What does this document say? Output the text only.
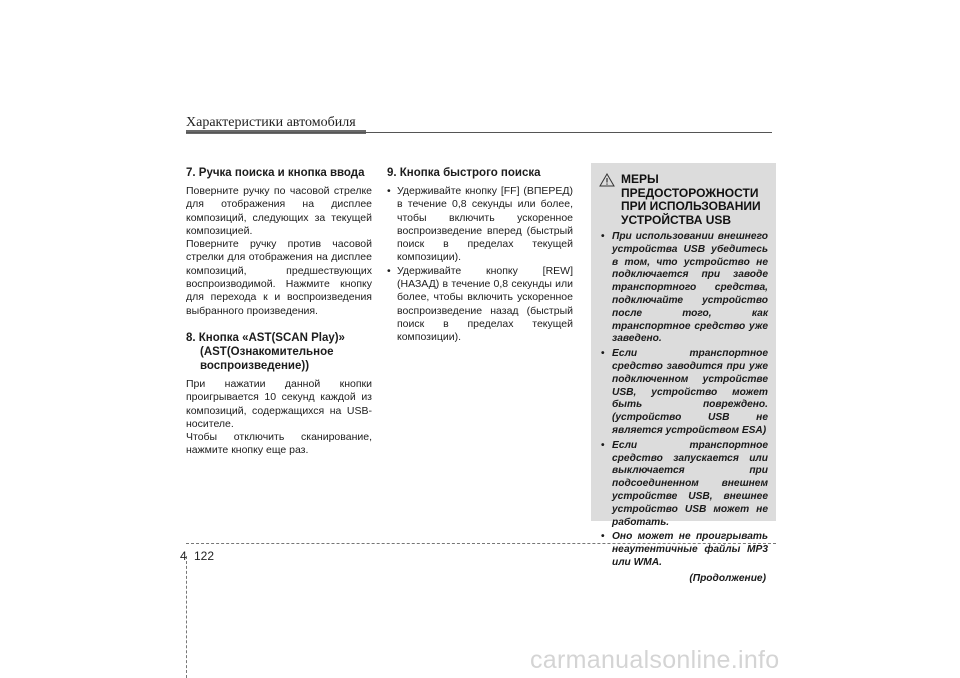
Характеристики автомобиля
7. Ручка поиска и кнопка ввода

Поверните ручку по часовой стрелке для отображения на дисплее композиций, следующих за текущей композицией.

Поверните ручку против часовой стрелки для отображения на дисплее композиций, предшествующих воспроизводимой. Нажмите кнопку для перехода к и воспроизведения выбранного произведения.

8. Кнопка «AST(SCAN Play)»
(AST(Ознакомительное
воспроизведение))

При нажатии данной кнопки проигрывается 10 секунд каждой из композиций, содержащихся на USB-носителе.

Чтобы отключить сканирование, нажмите кнопку еще раз.

9. Кнопка быстрого поиска
• Удерживайте кнопку [FF] (ВПЕРЕД) в течение 0,8 секунды или более, чтобы включить ускоренное воспроизведение вперед (быстрый поиск в пределах текущей композиции).
• Удерживайте кнопку [REW] (НАЗАД) в течение 0,8 секунды или более, чтобы включить ускоренное воспроизведение назад (быстрый поиск в пределах текущей композиции).
МЕРЫ
ПРЕДОСТОРОЖНОСТИ
ПРИ ИСПОЛЬЗОВАНИИ
УСТРОЙСТВА USB
• При использовании внешнего устройства USB убедитесь в том, что устройство не подключается при заводе транспортного средства, подключайте устройство после того, как транспортное средство уже заведено.
• Если транспортное средство заводится при уже подключенном устройстве USB, устройство может быть повреждено. (устройство USB не является устройством ESA)
• Если транспортное средство запускается или выключается при подсоединенном внешнем устройстве USB, внешнее устройство USB может не работать.
• Оно может не проигрывать неаутентичные файлы MP3 или WMA.
(Продолжение)
4 122
carmanualsonline.info
